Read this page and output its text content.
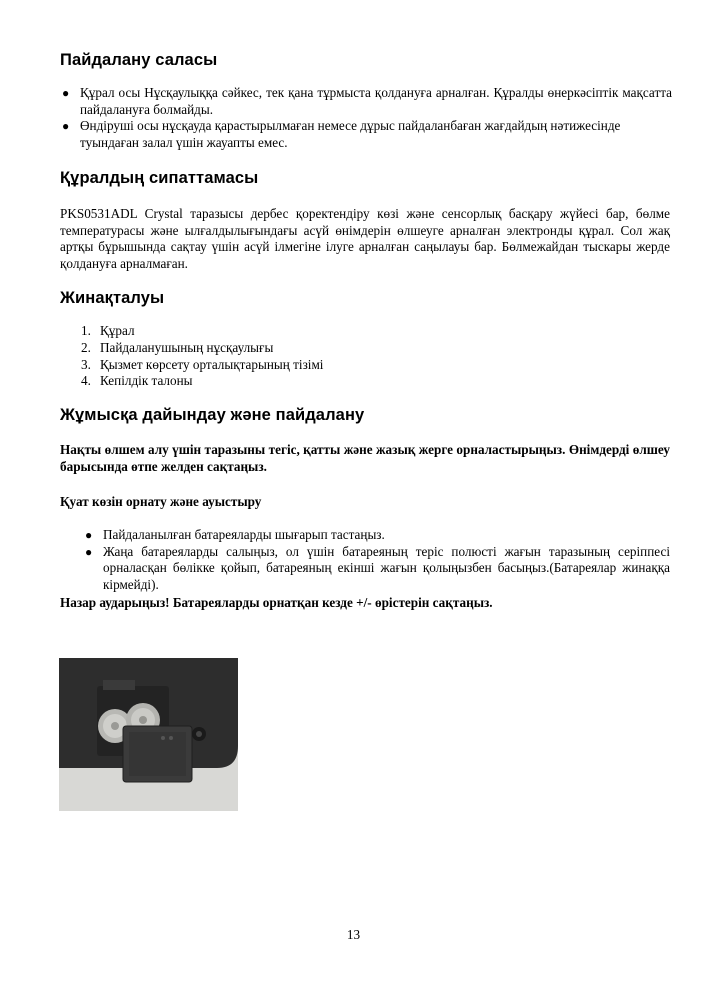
Пайдалану саласы
● Құрал осы Нұсқаулыққа сәйкес, тек қана тұрмыста қолдануға арналған. Құралды өнеркәсіптік мақсатта пайдалануға болмайды.
● Өндіруші осы нұсқауда қарастырылмаған немесе дұрыс пайдаланбаған жағдайдың нәтижесінде туындаған залал үшін жауапты емес.
Құралдың сипаттамасы

PKS0531ADL Crystal таразысы дербес қоректендіру көзі және сенсорлық басқару жүйесі бар, бөлме температурасы және ылғалдылығындағы асүй өнімдерін өлшеуге арналған электронды құрал. Сол жақ артқы бұрышында сақтау үшін асүй ілмегіне ілуге арналған саңылауы бар. Бөлмежайдан тыскары жерде қолдануға арналмаған.

Жинақталуы
1. Құрал
2. Пайдаланушының нұсқаулығы
3. Қызмет көрсету орталықтарының тізімі
4. Кепілдік талоны
Жұмысқа дайындау және пайдалану

Нақты өлшем алу үшін таразыны тегіс, қатты және жазық жерге орналастырыңыз. Өнімдерді өлшеу барысында өтпе желден сақтаңыз.

Қуат көзін орнату және ауыстыру

● Пайдаланылған батареяларды шығарып тастаңыз.
● Жаңа батареяларды салыңыз, ол үшін батареяның теріс полюсті жағын таразының серіппесі орналасқан бөлікке қойып, батареяның екінші жағын қолыңызбен басыңыз.(Батареялар жинаққа кірмейді).

Назар аударыңыз! Батареяларды орнатқан кезде +/- өрістерін сақтаңыз.

13
